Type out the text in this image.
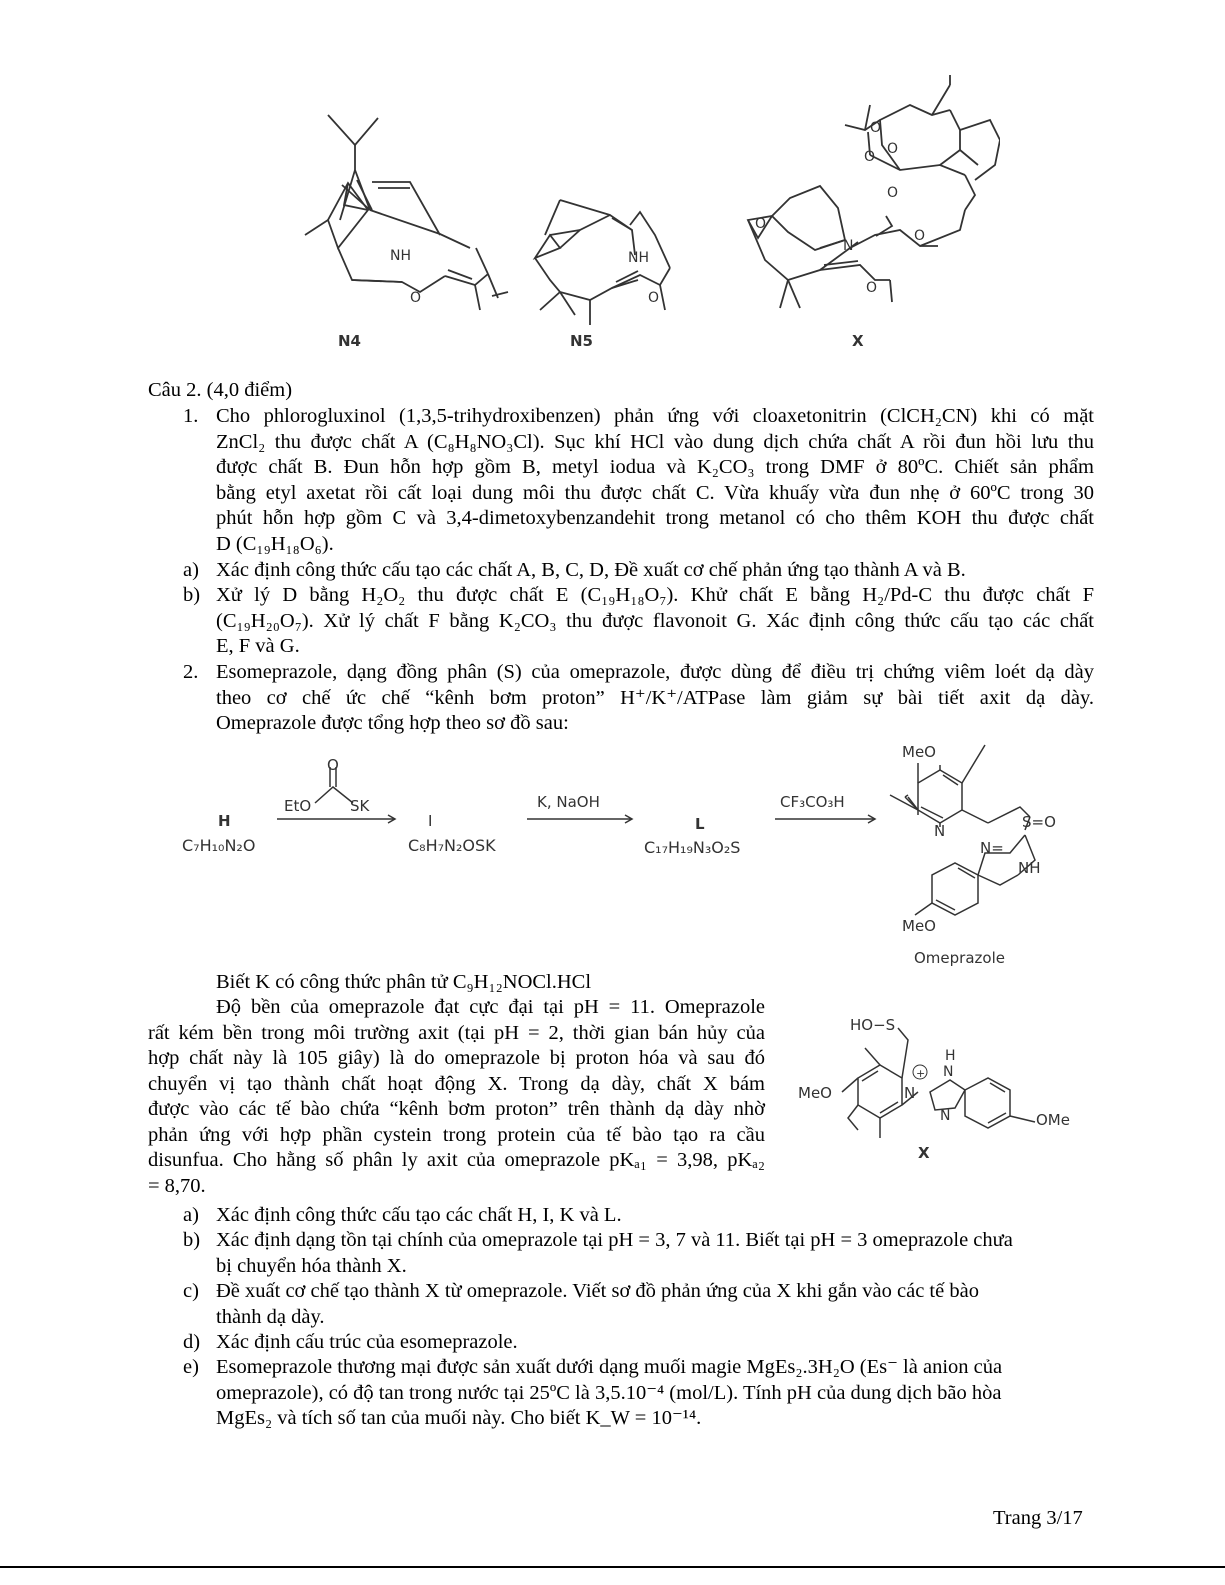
NH
O
NH
O
N
O
O
O
O
O O
O
N4	N5	X
Câu 2. (4,0 điểm)
1. Cho phlorogluxinol (1,3,5-trihydroxibenzen) phản ứng với cloaxetonitrin (ClCH₂CN) khi có mặt
ZnCl₂ thu được chất A (C₈H₈NO₃Cl). Sục khí HCl vào dung dịch chứa chất A rồi đun hồi lưu thu
được chất B. Đun hỗn hợp gồm B, metyl iodua và K₂CO₃ trong DMF ở 80ºC. Chiết sản phẩm
bằng etyl axetat rồi cất loại dung môi thu được chất C. Vừa khuấy vừa đun nhẹ ở 60ºC trong 30
phút hỗn hợp gồm C và 3,4-dimetoxybenzandehit trong metanol có cho thêm KOH thu được chất
D (C₁₉H₁₈O₆).
a) Xác định công thức cấu tạo các chất A, B, C, D, Đề xuất cơ chế phản ứng tạo thành A và B.
b) Xử lý D bằng H₂O₂ thu được chất E (C₁₉H₁₈O₇). Khử chất E bằng H₂/Pd-C thu được chất F
(C₁₉H₂₀O₇). Xử lý chất F bằng K₂CO₃ thu được flavonoit G. Xác định công thức cấu tạo các chất
E, F và G.
2. Esomeprazole, dạng đồng phân (S) của omeprazole, được dùng để điều trị chứng viêm loét dạ dày
theo cơ chế ức chế “kênh bơm proton” H⁺/K⁺/ATPase làm giảm sự bài tiết axit dạ dày.
Omeprazole được tổng hợp theo sơ đồ sau:
H
C₇H₁₀N₂O
O
EtO	SK
I
C₈H₇N₂OSK
K, NaOH
L
C₁₇H₁₉N₃O₂S
CF₃CO₃H
MeO
N	S=O
N=
NH
MeO
Omeprazole
Biết K có công thức phân tử C₉H₁₂NOCl.HCl
Độ bền của omeprazole đạt cực đại tại pH = 11. Omeprazole
rất kém bền trong môi trường axit (tại pH = 2, thời gian bán hủy của
hợp chất này là 105 giây) là do omeprazole bị proton hóa và sau đó
chuyển vị tạo thành chất hoạt động X. Trong dạ dày, chất X bám
được vào các tế bào chứa “kênh bơm proton” trên thành dạ dày nhờ
phản ứng với hợp phần cystein trong protein của tế bào tạo ra cầu
disunfua. Cho hằng số phân ly axit của omeprazole pKₐ₁ = 3,98, pKₐ₂
= 8,70.
+
HO−S
MeO	N
H
N
N	OMe
X
a) Xác định công thức cấu tạo các chất H, I, K và L.
b) Xác định dạng tồn tại chính của omeprazole tại pH = 3, 7 và 11. Biết tại pH = 3 omeprazole chưa
bị chuyển hóa thành X.
c) Đề xuất cơ chế tạo thành X từ omeprazole. Viết sơ đồ phản ứng của X khi gắn vào các tế bào
thành dạ dày.
d) Xác định cấu trúc của esomeprazole.
e) Esomeprazole thương mại được sản xuất dưới dạng muối magie MgEs₂.3H₂O (Es⁻ là anion của
omeprazole), có độ tan trong nước tại 25ºC là 3,5.10⁻⁴ (mol/L). Tính pH của dung dịch bão hòa
MgEs₂ và tích số tan của muối này. Cho biết K_W = 10⁻¹⁴.
Trang 3/17
